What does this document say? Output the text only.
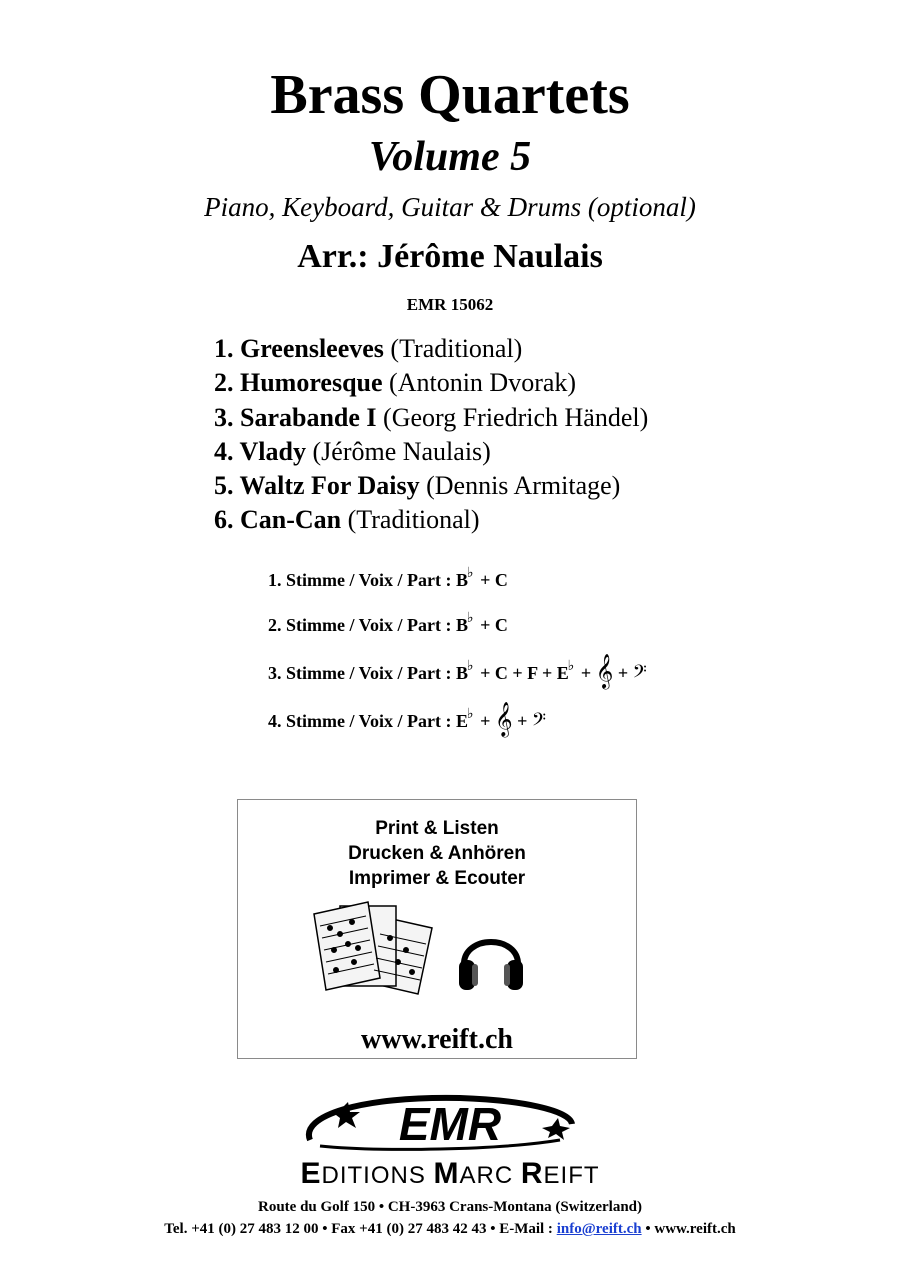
Brass Quartets
Volume 5
Piano, Keyboard, Guitar & Drums (optional)
Arr.: Jérôme Naulais
EMR 15062
1. Greensleeves (Traditional)
2. Humoresque (Antonin Dvorak)
3. Sarabande I (Georg Friedrich Händel)
4. Vlady (Jérôme Naulais)
5. Waltz For Daisy (Dennis Armitage)
6. Can-Can (Traditional)
1. Stimme / Voix / Part : B♭ + C
2. Stimme / Voix / Part : B♭ + C
3. Stimme / Voix / Part : B♭ + C + F + E♭ + 𝄞 + 𝄢
4. Stimme / Voix / Part : E♭ + 𝄞 + 𝄢
Print & Listen
Drucken & Anhören
Imprimer & Ecouter
www.reift.ch
EMR
EDITIONS MARC REIFT
Route du Golf 150 • CH-3963 Crans-Montana (Switzerland)
Tel. +41 (0) 27 483 12 00 • Fax +41 (0) 27 483 42 43 • E-Mail : info@reift.ch • www.reift.ch
